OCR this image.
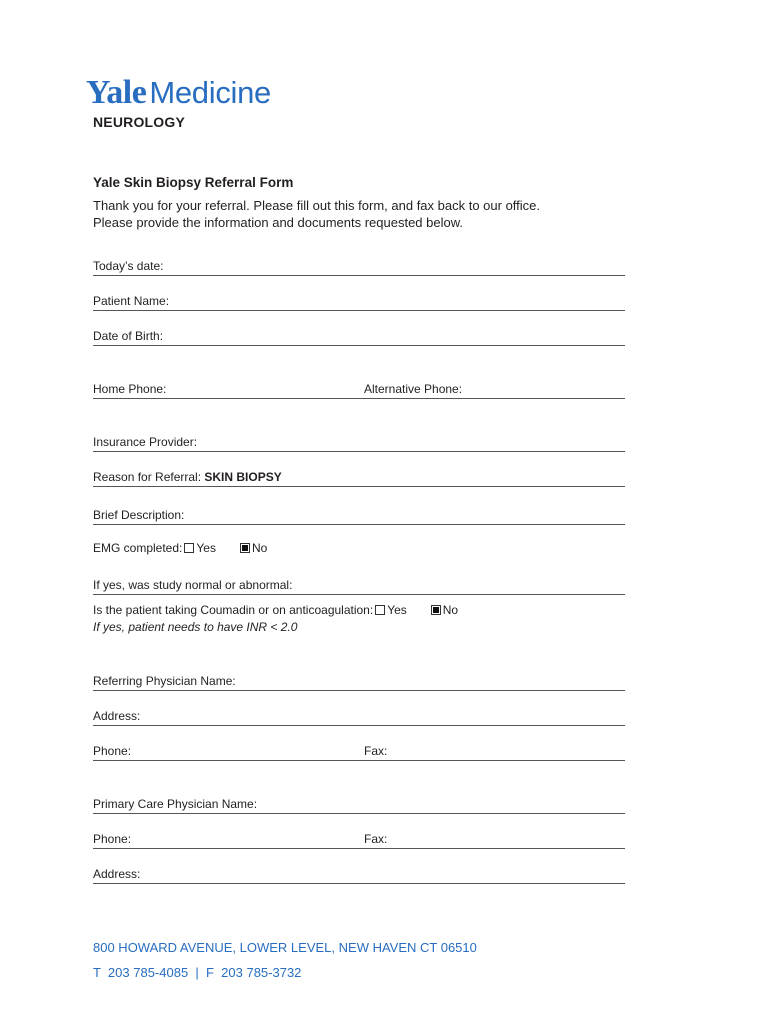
YaleMedicine
NEUROLOGY
Yale Skin Biopsy Referral Form
Thank you for your referral. Please fill out this form, and fax back to our office.
Please provide the information and documents requested below.
Today’s date:
Patient Name:
Date of Birth:
Home Phone:	Alternative Phone:
Insurance Provider:
Reason for Referral: SKIN BIOPSY
Brief Description:
EMG completed: Yes	No
If yes, was study normal or abnormal:
Is the patient taking Coumadin or on anticoagulation: Yes	No
If yes, patient needs to have INR < 2.0
Referring Physician Name:
Address:
Phone:	Fax:
Primary Care Physician Name:
Phone:	Fax:
Address:
800 HOWARD AVENUE, LOWER LEVEL, NEW HAVEN CT 06510
T  203 785-4085  |  F  203 785-3732
